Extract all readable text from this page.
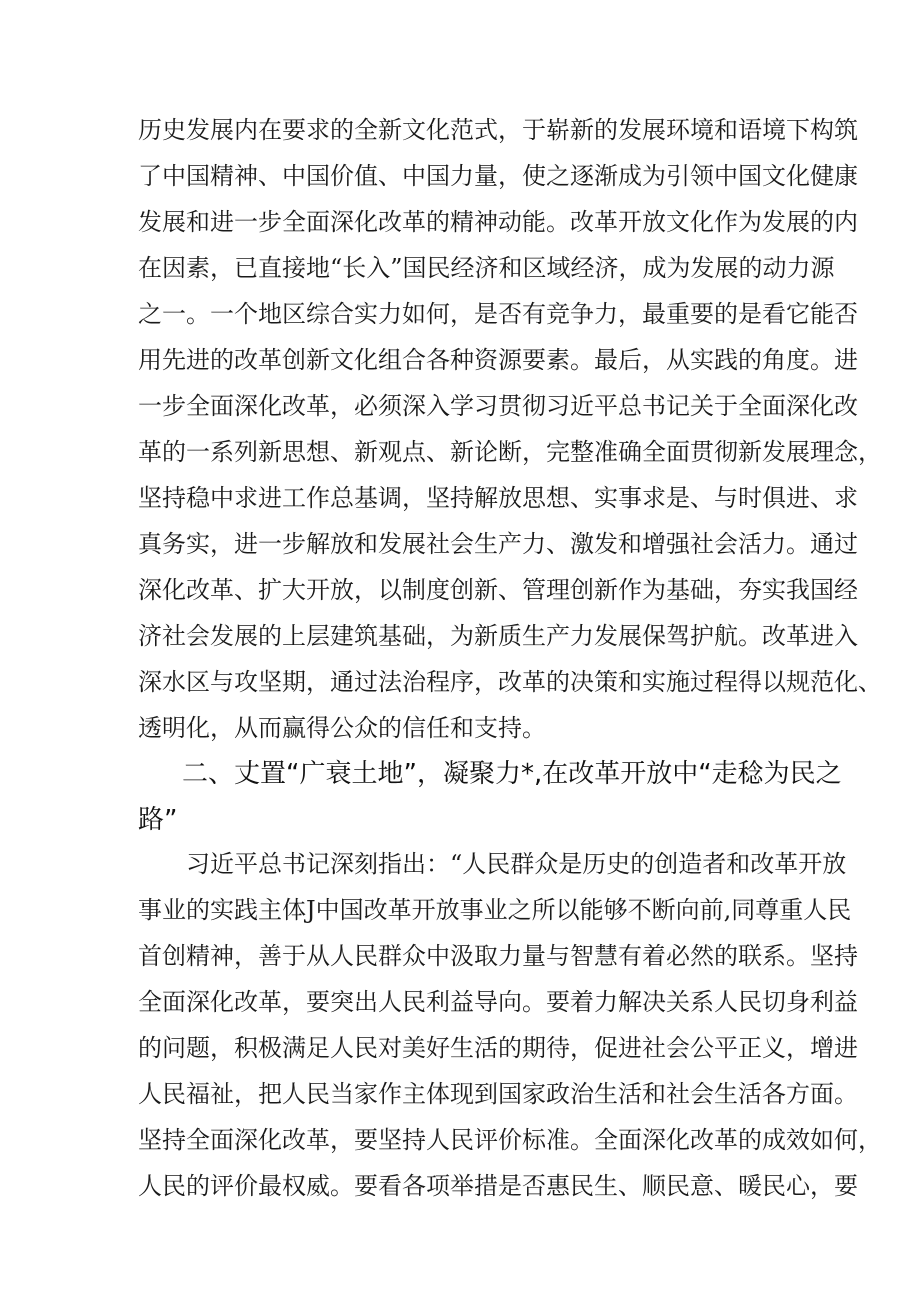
历史发展内在要求的全新文化范式，于崭新的发展环境和语境下构筑
了中国精神、中国价值、中国力量，使之逐渐成为引领中国文化健康
发展和进一步全面深化改革的精神动能。改革开放文化作为发展的内
在因素，已直接地“长入”国民经济和区域经济，成为发展的动力源
之一。一个地区综合实力如何，是否有竞争力，最重要的是看它能否
用先进的改革创新文化组合各种资源要素。最后，从实践的角度。进
一步全面深化改革，必须深入学习贯彻习近平总书记关于全面深化改
革的一系列新思想、新观点、新论断，完整准确全面贯彻新发展理念，
坚持稳中求进工作总基调，坚持解放思想、实事求是、与时俱进、求
真务实，进一步解放和发展社会生产力、激发和增强社会活力。通过
深化改革、扩大开放，以制度创新、管理创新作为基础，夯实我国经
济社会发展的上层建筑基础，为新质生产力发展保驾护航。改革进入
深水区与攻坚期，通过法治程序，改革的决策和实施过程得以规范化、
透明化，从而赢得公众的信任和支持。
二、丈置“广衰土地”，凝聚力*,在改革开放中“走稔为民之
路”
习近平总书记深刻指出：“人民群众是历史的创造者和改革开放
事业的实践主体J中国改革开放事业之所以能够不断向前,同尊重人民
首创精神，善于从人民群众中汲取力量与智慧有着必然的联系。坚持
全面深化改革，要突出人民利益导向。要着力解决关系人民切身利益
的问题，积极满足人民对美好生活的期待，促进社会公平正义，增进
人民福祉，把人民当家作主体现到国家政治生活和社会生活各方面。
坚持全面深化改革，要坚持人民评价标准。全面深化改革的成效如何，
人民的评价最权威。要看各项举措是否惠民生、顺民意、暖民心，要
